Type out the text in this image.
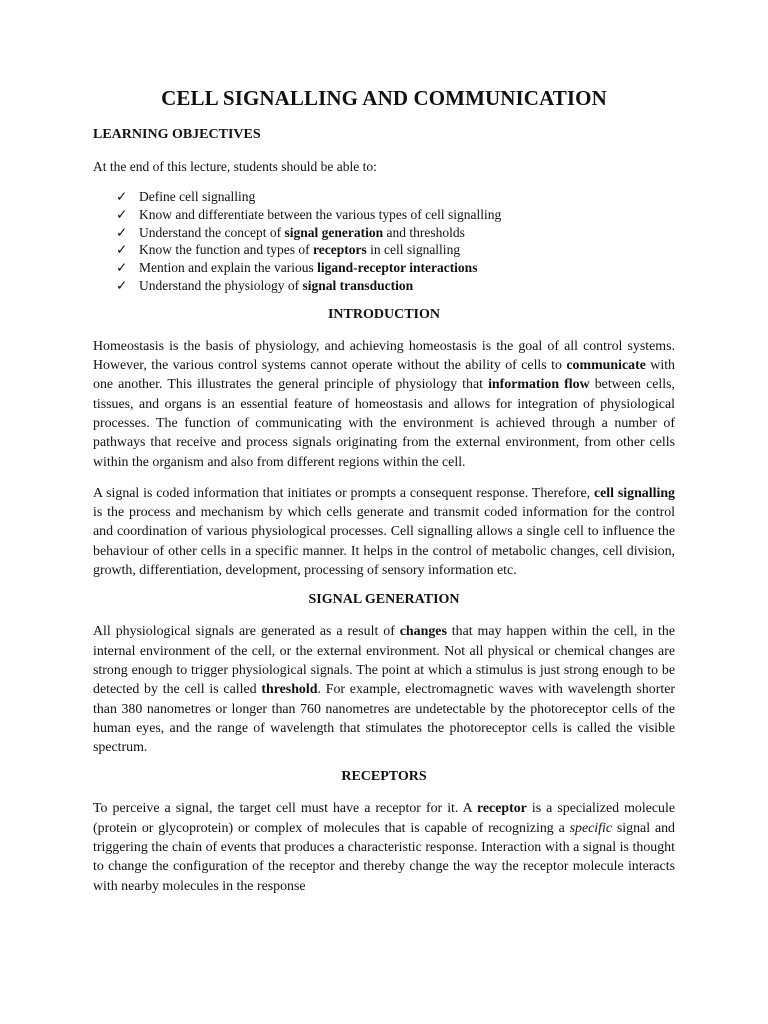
CELL SIGNALLING AND COMMUNICATION
LEARNING OBJECTIVES
At the end of this lecture, students should be able to:
✓ Define cell signalling
✓ Know and differentiate between the various types of cell signalling
✓ Understand the concept of signal generation and thresholds
✓ Know the function and types of receptors in cell signalling
✓ Mention and explain the various ligand-receptor interactions
✓ Understand the physiology of signal transduction
INTRODUCTION

Homeostasis is the basis of physiology, and achieving homeostasis is the goal of all control systems. However, the various control systems cannot operate without the ability of cells to communicate with one another. This illustrates the general principle of physiology that information flow between cells, tissues, and organs is an essential feature of homeostasis and allows for integration of physiological processes. The function of communicating with the environment is achieved through a number of pathways that receive and process signals originating from the external environment, from other cells within the organism and also from different regions within the cell.

A signal is coded information that initiates or prompts a consequent response. Therefore, cell signalling is the process and mechanism by which cells generate and transmit coded information for the control and coordination of various physiological processes. Cell signalling allows a single cell to influence the behaviour of other cells in a specific manner. It helps in the control of metabolic changes, cell division, growth, differentiation, development, processing of sensory information etc.

SIGNAL GENERATION

All physiological signals are generated as a result of changes that may happen within the cell, in the internal environment of the cell, or the external environment. Not all physical or chemical changes are strong enough to trigger physiological signals. The point at which a stimulus is just strong enough to be detected by the cell is called threshold. For example, electromagnetic waves with wavelength shorter than 380 nanometres or longer than 760 nanometres are undetectable by the photoreceptor cells of the human eyes, and the range of wavelength that stimulates the photoreceptor cells is called the visible spectrum.

RECEPTORS

To perceive a signal, the target cell must have a receptor for it. A receptor is a specialized molecule (protein or glycoprotein) or complex of molecules that is capable of recognizing a specific signal and triggering the chain of events that produces a characteristic response. Interaction with a signal is thought to change the configuration of the receptor and thereby change the way the receptor molecule interacts with nearby molecules in the response
